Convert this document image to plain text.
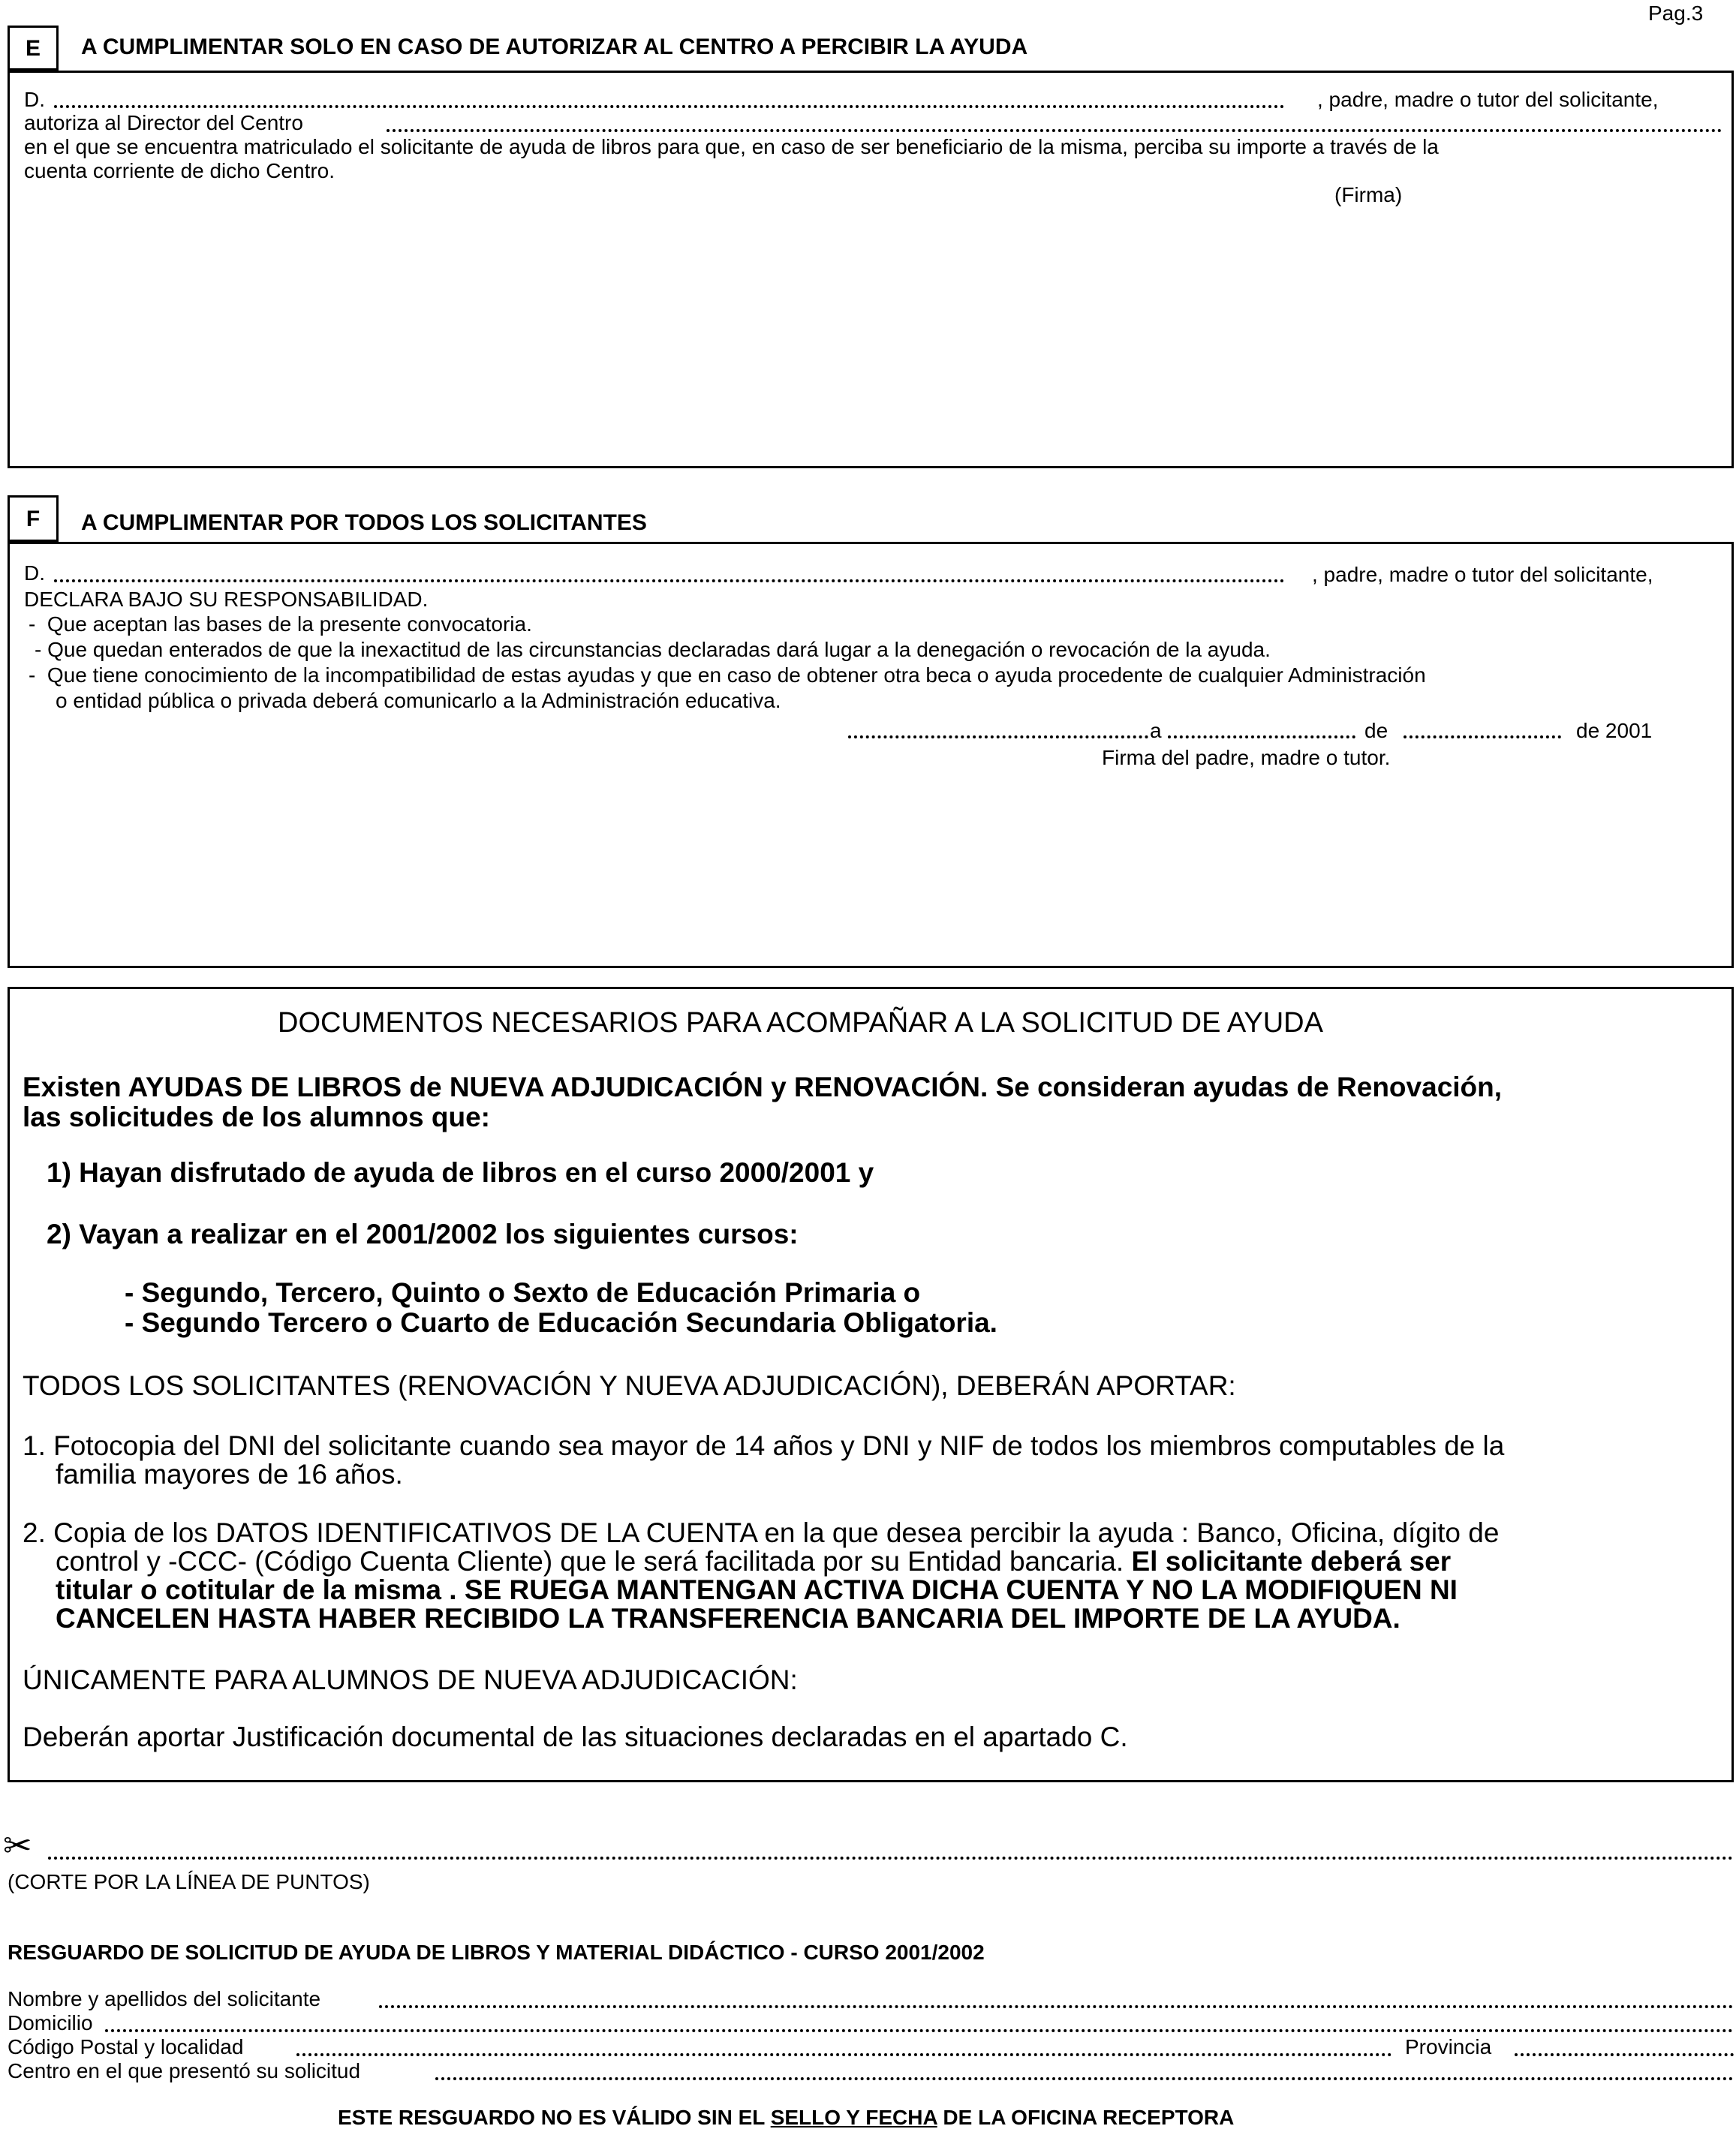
Pag.3
E	A CUMPLIMENTAR SOLO EN CASO DE AUTORIZAR AL CENTRO A PERCIBIR LA AYUDA
D.	, padre, madre o tutor del solicitante,
autoriza al Director del Centro
en el que se encuentra matriculado el solicitante de ayuda de libros para que, en caso de ser beneficiario de la misma, perciba su importe a través de la
cuenta corriente de dicho Centro.
(Firma)
F	A CUMPLIMENTAR POR TODOS LOS SOLICITANTES
D.	, padre, madre o tutor del solicitante,
DECLARA BAJO SU RESPONSABILIDAD.
-  Que aceptan las bases de la presente convocatoria.
- Que quedan enterados de que la inexactitud de las circunstancias declaradas dará lugar a la denegación o revocación de la ayuda.
-  Que tiene conocimiento de la incompatibilidad de estas ayudas y que en caso de obtener otra beca o ayuda procedente de cualquier Administración
o entidad pública o privada deberá comunicarlo a la Administración educativa.
a	de	de 2001
Firma del padre, madre o tutor.
DOCUMENTOS NECESARIOS PARA ACOMPAÑAR A LA SOLICITUD DE AYUDA
Existen AYUDAS DE LIBROS de NUEVA ADJUDICACIÓN y RENOVACIÓN. Se consideran ayudas de Renovación,
las solicitudes de los alumnos que:
1) Hayan disfrutado de ayuda de libros en el curso 2000/2001 y
2) Vayan a realizar en el 2001/2002 los siguientes cursos:
- Segundo, Tercero, Quinto o Sexto de Educación Primaria o
- Segundo Tercero o Cuarto de Educación Secundaria Obligatoria.
TODOS LOS SOLICITANTES (RENOVACIÓN Y NUEVA ADJUDICACIÓN), DEBERÁN APORTAR:
1. Fotocopia del DNI del solicitante cuando sea mayor de 14 años y DNI y NIF de todos los miembros computables de la
familia mayores de 16 años.
2. Copia de los DATOS IDENTIFICATIVOS DE LA CUENTA en la que desea percibir la ayuda : Banco, Oficina, dígito de
control y -CCC- (Código Cuenta Cliente) que le será facilitada por su Entidad bancaria. El solicitante deberá ser
titular o cotitular de la misma . SE RUEGA MANTENGAN ACTIVA DICHA CUENTA Y NO LA MODIFIQUEN NI
CANCELEN HASTA HABER RECIBIDO LA TRANSFERENCIA BANCARIA DEL IMPORTE DE LA AYUDA.
ÚNICAMENTE PARA ALUMNOS DE NUEVA ADJUDICACIÓN:
Deberán aportar Justificación documental de las situaciones declaradas en el apartado C.
✂
(CORTE POR LA LÍNEA DE PUNTOS)
RESGUARDO DE SOLICITUD DE AYUDA DE LIBROS Y MATERIAL DIDÁCTICO - CURSO 2001/2002
Nombre y apellidos del solicitante
Domicilio
Código Postal y localidad	Provincia
Centro en el que presentó su solicitud
ESTE RESGUARDO NO ES VÁLIDO SIN EL SELLO Y FECHA DE LA OFICINA RECEPTORA
